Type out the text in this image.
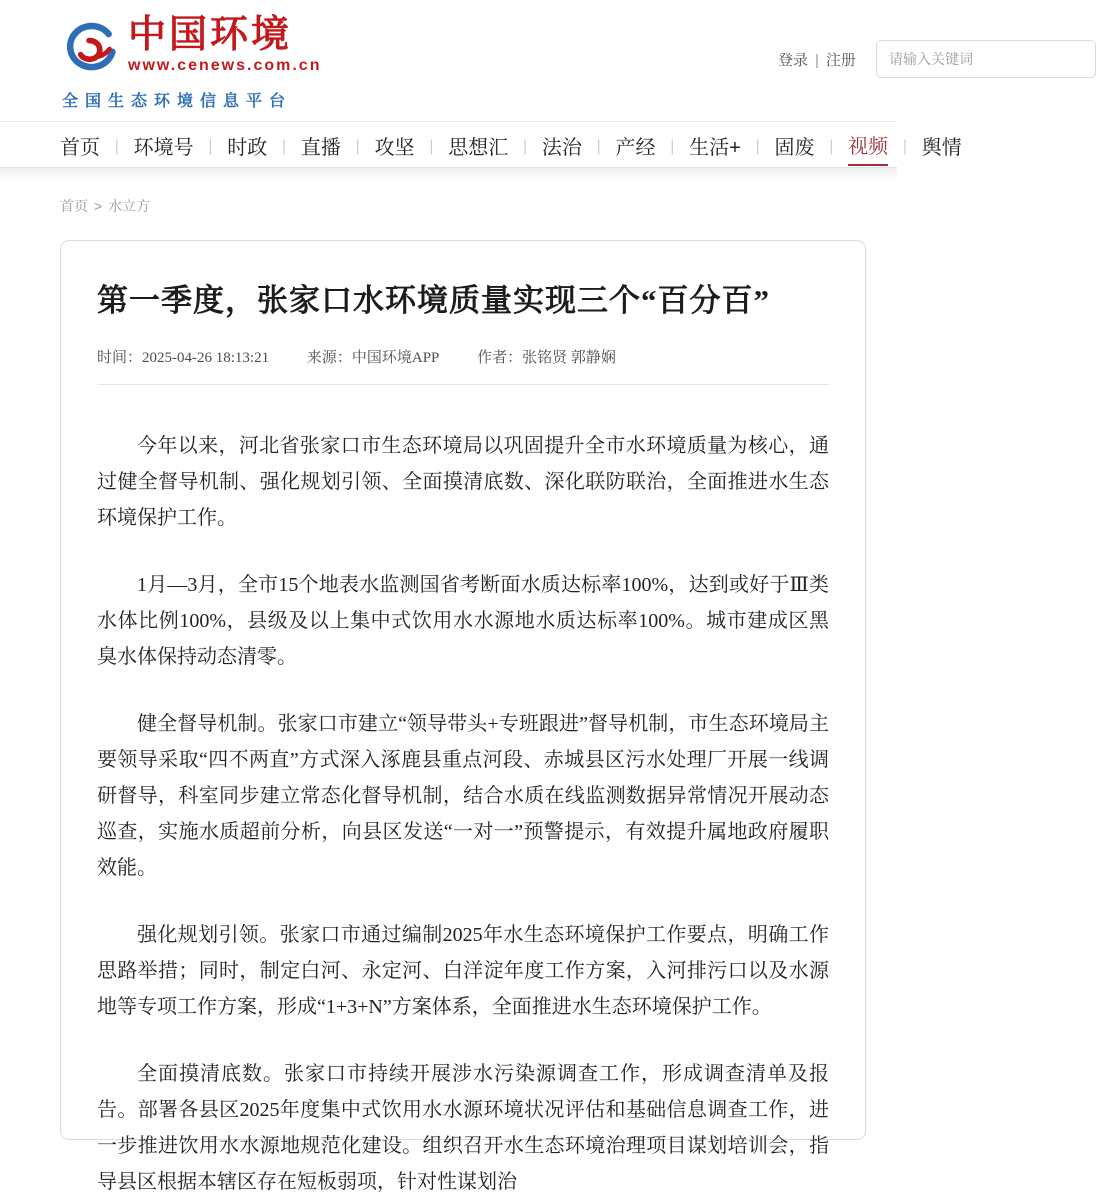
中国环境
www.cenews.com.cn
全国生态环境信息平台
登录 | 注册
请输入关键词
首页 | 环境号 | 时政 | 直播 | 攻坚 | 思想汇 | 法治 | 产经 | 生活+ | 固废 | 视频 | 舆情
首页 > 水立方
第一季度，张家口水环境质量实现三个“百分百”
时间：2025-04-26 18:13:21	来源：中国环境APP	作者：张铭贤 郭静娴

今年以来，河北省张家口市生态环境局以巩固提升全市水环境质量为核心，通过健全督导机制、强化规划引领、全面摸清底数、深化联防联治，全面推进水生态环境保护工作。

1月—3月，全市15个地表水监测国省考断面水质达标率100%，达到或好于Ⅲ类水体比例100%，县级及以上集中式饮用水水源地水质达标率100%。城市建成区黑臭水体保持动态清零。

健全督导机制。张家口市建立“领导带头+专班跟进”督导机制，市生态环境局主要领导采取“四不两直”方式深入涿鹿县重点河段、赤城县区污水处理厂开展一线调研督导，科室同步建立常态化督导机制，结合水质在线监测数据异常情况开展动态巡查，实施水质超前分析，向县区发送“一对一”预警提示，有效提升属地政府履职效能。

强化规划引领。张家口市通过编制2025年水生态环境保护工作要点，明确工作思路举措；同时，制定白河、永定河、白洋淀年度工作方案，入河排污口以及水源地等专项工作方案，形成“1+3+N”方案体系，全面推进水生态环境保护工作。

全面摸清底数。张家口市持续开展涉水污染源调查工作，形成调查清单及报告。部署各县区2025年度集中式饮用水水源环境状况评估和基础信息调查工作，进一步推进饮用水水源地规范化建设。组织召开水生态环境治理项目谋划培训会，指导县区根据本辖区存在短板弱项，针对性谋划治
